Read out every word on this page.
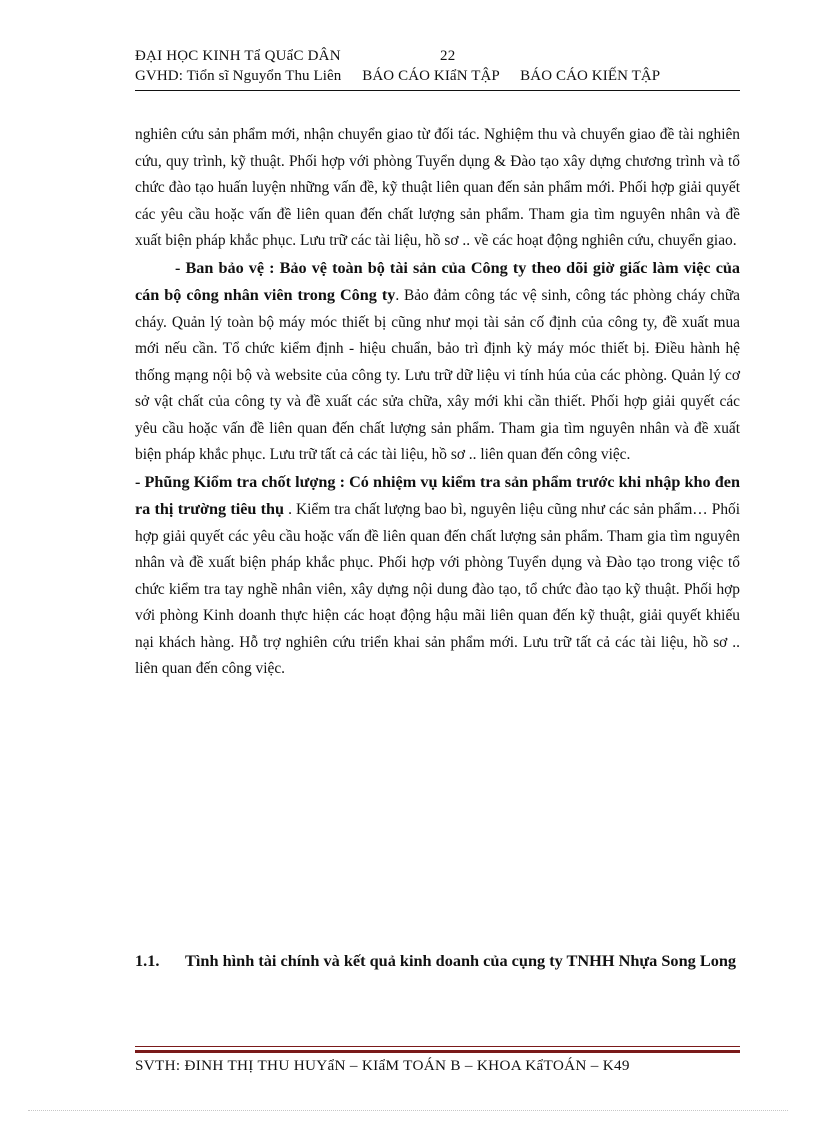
ĐẠI HỌC KINH Tẩ QUẩC DÂN	22
GVHD: Tiổn sĩ Nguyổn Thu Liên BÁO CÁO KIẩN TẬP BÁO CÁO KIẾN TẬP

nghiên cứu sản phẩm mới, nhận chuyển giao từ đối tác. Nghiệm thu và chuyển giao đề tài nghiên cứu, quy trình, kỹ thuật. Phối hợp với phòng Tuyển dụng & Đào tạo xây dựng chương trình và tổ chức đào tạo huấn luyện những vấn đề, kỹ thuật liên quan đến sản phẩm mới. Phối hợp giải quyết các yêu cầu hoặc vấn đề liên quan đến chất lượng sản phẩm. Tham gia tìm nguyên nhân và đề xuất biện pháp khắc phục. Lưu trữ các tài liệu, hồ sơ .. về các hoạt động nghiên cứu, chuyển giao.

- Ban bảo vệ : Bảo vệ toàn bộ tài sản của Công ty theo dõi giờ giấc làm việc của cán bộ công nhân viên trong Công ty. Bảo đảm công tác vệ sinh, công tác phòng cháy chữa cháy. Quản lý toàn bộ máy móc thiết bị cũng như mọi tài sản cố định của công ty, đề xuất mua mới nếu cần. Tổ chức kiểm định - hiệu chuẩn, bảo trì định kỳ máy móc thiết bị. Điều hành hệ thống mạng nội bộ và website của công ty. Lưu trữ dữ liệu vi tính húa của các phòng. Quản lý cơ sở vật chất của công ty và đề xuất các sửa chữa, xây mới khi cần thiết. Phối hợp giải quyết các yêu cầu hoặc vấn đề liên quan đến chất lượng sản phẩm. Tham gia tìm nguyên nhân và đề xuất biện pháp khắc phục. Lưu trữ tất cả các tài liệu, hồ sơ .. liên quan đến công việc.

- Phũng Kiổm tra chốt lượng : Có nhiệm vụ kiểm tra sản phẩm trước khi nhập kho đen ra thị trường tiêu thụ . Kiểm tra chất lượng bao bì, nguyên liệu cũng như các sản phẩm… Phối hợp giải quyết các yêu cầu hoặc vấn đề liên quan đến chất lượng sản phẩm. Tham gia tìm nguyên nhân và đề xuất biện pháp khắc phục. Phối hợp với phòng Tuyển dụng và Đào tạo trong việc tổ chức kiểm tra tay nghề nhân viên, xây dựng nội dung đào tạo, tổ chức đào tạo kỹ thuật. Phối hợp với phòng Kinh doanh thực hiện các hoạt động hậu mãi liên quan đến kỹ thuật, giải quyết khiếu nại khách hàng. Hỗ trợ nghiên cứu triển khai sản phẩm mới. Lưu trữ tất cả các tài liệu, hồ sơ .. liên quan đến công việc.

1.1. Tình hình tài chính và kết quả kinh doanh của cụng ty TNHH Nhựa Song Long
SVTH: ĐINH THỊ THU HUYẩN – KIẩM TOÁN B – KHOA KẩTOÁN – K49
